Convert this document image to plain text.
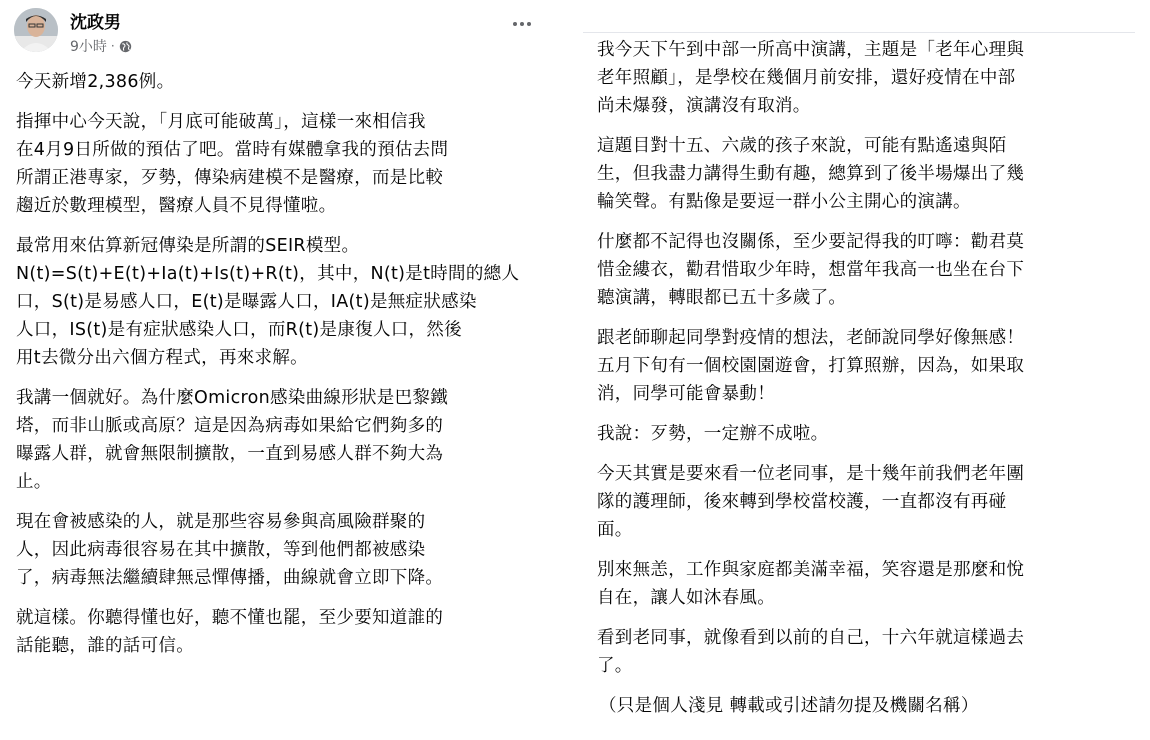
沈政男
9小時 ·

今天新增2,386例。

指揮中心今天說，「月底可能破萬」，這樣一來相信我
在4月9日所做的預估了吧。當時有媒體拿我的預估去問
所謂正港專家，歹勢，傳染病建模不是醫療，而是比較
趨近於數理模型，醫療人員不見得懂啦。

最常用來估算新冠傳染是所謂的SEIR模型。
N(t)=S(t)+E(t)+Ia(t)+Is(t)+R(t)，其中，N(t)是t時間的總人
口，S(t)是易感人口，E(t)是曝露人口，IA(t)是無症狀感染
人口，IS(t)是有症狀感染人口，而R(t)是康復人口，然後
用t去微分出六個方程式，再來求解。

我講一個就好。為什麼Omicron感染曲線形狀是巴黎鐵
塔，而非山脈或高原？這是因為病毒如果給它們夠多的
曝露人群，就會無限制擴散，一直到易感人群不夠大為
止。

現在會被感染的人，就是那些容易參與高風險群聚的
人，因此病毒很容易在其中擴散，等到他們都被感染
了，病毒無法繼續肆無忌憚傳播，曲線就會立即下降。

就這樣。你聽得懂也好，聽不懂也罷，至少要知道誰的
話能聽，誰的話可信。

我今天下午到中部一所高中演講，主題是「老年心理與
老年照顧」，是學校在幾個月前安排，還好疫情在中部
尚未爆發，演講沒有取消。

這題目對十五、六歲的孩子來說，可能有點遙遠與陌
生，但我盡力講得生動有趣，總算到了後半場爆出了幾
輪笑聲。有點像是要逗一群小公主開心的演講。

什麼都不記得也沒關係，至少要記得我的叮嚀：勸君莫
惜金縷衣，勸君惜取少年時，想當年我高一也坐在台下
聽演講，轉眼都已五十多歲了。

跟老師聊起同學對疫情的想法，老師說同學好像無感！
五月下旬有一個校園園遊會，打算照辦，因為，如果取
消，同學可能會暴動！

我說：歹勢，一定辦不成啦。

今天其實是要來看一位老同事，是十幾年前我們老年團
隊的護理師，後來轉到學校當校護，一直都沒有再碰
面。

別來無恙，工作與家庭都美滿幸福，笑容還是那麼和悅
自在，讓人如沐春風。

看到老同事，就像看到以前的自己，十六年就這樣過去
了。

（只是個人淺見 轉載或引述請勿提及機關名稱）
